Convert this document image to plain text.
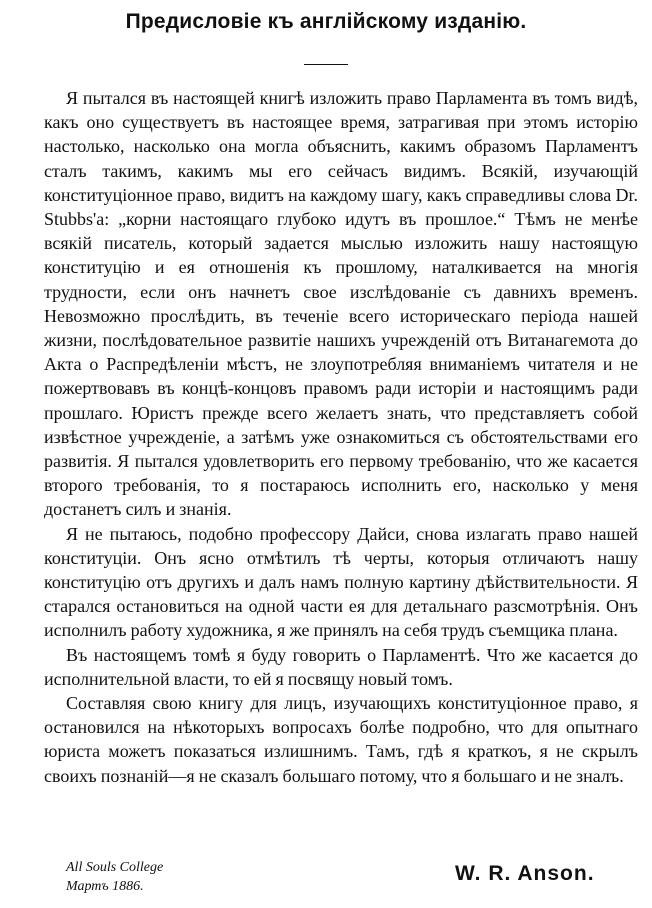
Предисловiе къ англiйскому изданiю.

Я пытался въ настоящей книгѣ изложить право Парламента въ томъ видѣ, какъ оно существуетъ въ настоящее время, затрагивая при этомъ исторiю настолько, насколько она могла объяснить, какимъ образомъ Парламентъ сталъ такимъ, какимъ мы его сейчасъ видимъ. Всякiй, изучающiй конституцiонное право, видитъ на каждому шагу, какъ справедливы слова Dr. Stubbs'a: „корни настоящаго глубоко идутъ въ прошлое.“ Тѣмъ не менѣе всякiй писатель, который задается мыслью изложить нашу настоящую конституцiю и ея отношенiя къ прошлому, наталкивается на многiя трудности, если онъ начнетъ свое изслѣдованiе съ давнихъ временъ. Невозможно прослѣдить, въ теченiе всего историческаго перiода нашей жизни, послѣдовательное развитiе нашихъ учрежденiй отъ Витанагемота до Акта о Распредѣленiи мѣстъ, не злоупотребляя вниманiемъ читателя и не пожертвовавъ въ концѣ-концовъ правомъ ради исторiи и настоящимъ ради прошлаго. Юристъ прежде всего желаетъ знать, что представляетъ собой извѣстное учрежденiе, а затѣмъ уже ознакомиться съ обстоятельствами его развитiя. Я пытался удовлетворить его первому требованiю, что же касается второго требованiя, то я постараюсь исполнить его, насколько у меня достанетъ силъ и знанiя.

Я не пытаюсь, подобно профессору Дайси, снова излагать право нашей конституцiи. Онъ ясно отмѣтилъ тѣ черты, которыя отличаютъ нашу конституцiю отъ другихъ и далъ намъ полную картину дѣйствительности. Я старался остановиться на одной части ея для детальнаго разсмотрѣнiя. Онъ исполнилъ работу художника, я же принялъ на себя трудъ съемщика плана.

Въ настоящемъ томѣ я буду говорить о Парламентѣ. Что же касается до исполнительной власти, то ей я посвящу новый томъ.

Составляя свою книгу для лицъ, изучающихъ конституцiонное право, я остановился на нѣкоторыхъ вопросахъ болѣе подробно, что для опытнаго юриста можетъ показаться излишнимъ. Тамъ, гдѣ я краткоъ, я не скрылъ своихъ познанiй—я не сказалъ большаго потому, что я большаго и не зналъ.

All Souls College
Мартъ 1886.
W. R. Anson.
